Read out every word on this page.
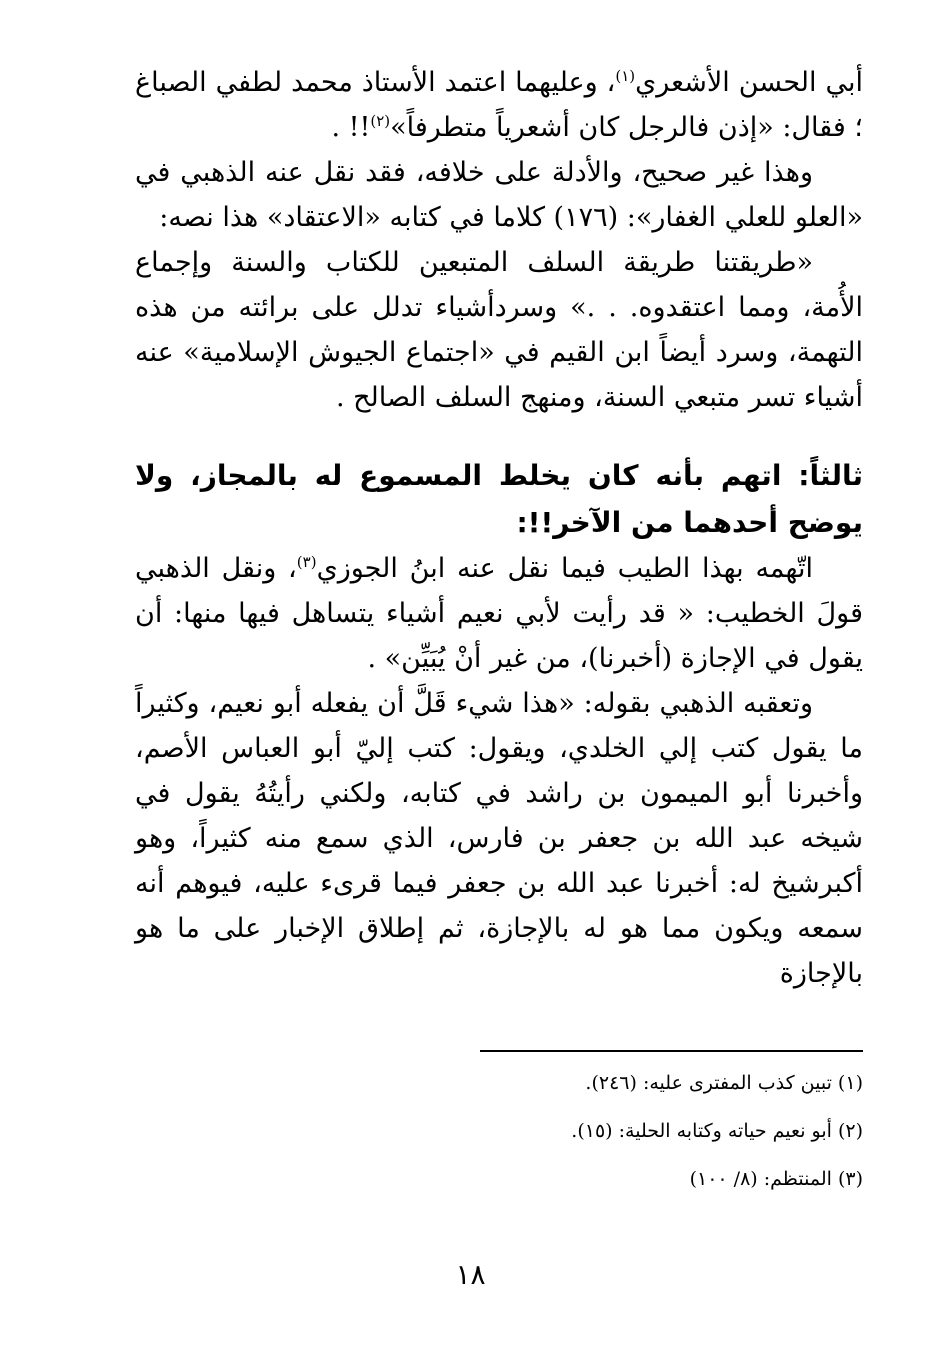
أبي الحسن الأشعري$^{(١)}$، وعليهما اعتمد الأستاذ محمد لطفي الصباغ ؛ فقال: «إذن فالرجل كان أشعرياً متطرفاً»$^{(٢)}$!! .

وهذا غير صحيح، والأدلة على خلافه، فقد نقل عنه الذهبي في «العلو للعلي الغفار»: (١٧٦) كلاما في كتابه «الاعتقاد» هذا نصه:

«طريقتنا طريقة السلف المتبعين للكتاب والسنة وإجماع الأُمة، ومما اعتقدوه. . .» وسردأشياء تدلل على برائته من هذه التهمة، وسرد أيضاً ابن القيم في «اجتماع الجيوش الإسلامية» عنه أشياء تسر متبعي السنة، ومنهج السلف الصالح .

ثالثاً: اتهم بأنه كان يخلط المسموع له بالمجاز، ولا يوضح أحدهما من الآخر!!:

اتّهمه بهذا الطيب فيما نقل عنه ابنُ الجوزي$^{(٣)}$، ونقل الذهبي قولَ الخطيب: « قد رأيت لأبي نعيم أشياء يتساهل فيها منها: أن يقول في الإجازة (أخبرنا)، من غير أنْ يُبَيِّن» .

وتعقبه الذهبي بقوله: «هذا شيء قَلَّ أن يفعله أبو نعيم، وكثيراً ما يقول كتب إلي الخلدي، ويقول: كتب إليّ أبو العباس الأصم، وأخبرنا أبو الميمون بن راشد في كتابه، ولكني رأيتُهُ يقول في شيخه عبد الله بن جعفر بن فارس، الذي سمع منه كثيراً، وهو أكبرشيخ له: أخبرنا عبد الله بن جعفر فيما قرىء عليه، فيوهم أنه سمعه ويكون مما هو له بالإجازة، ثم إطلاق الإخبار على ما هو بالإجازة

(١) تبين كذب المفترى عليه: (٢٤٦).

(٢) أبو نعيم حياته وكتابه الحلية: (١٥).

(٣) المنتظم: (٨/ ١٠٠)

١٨
